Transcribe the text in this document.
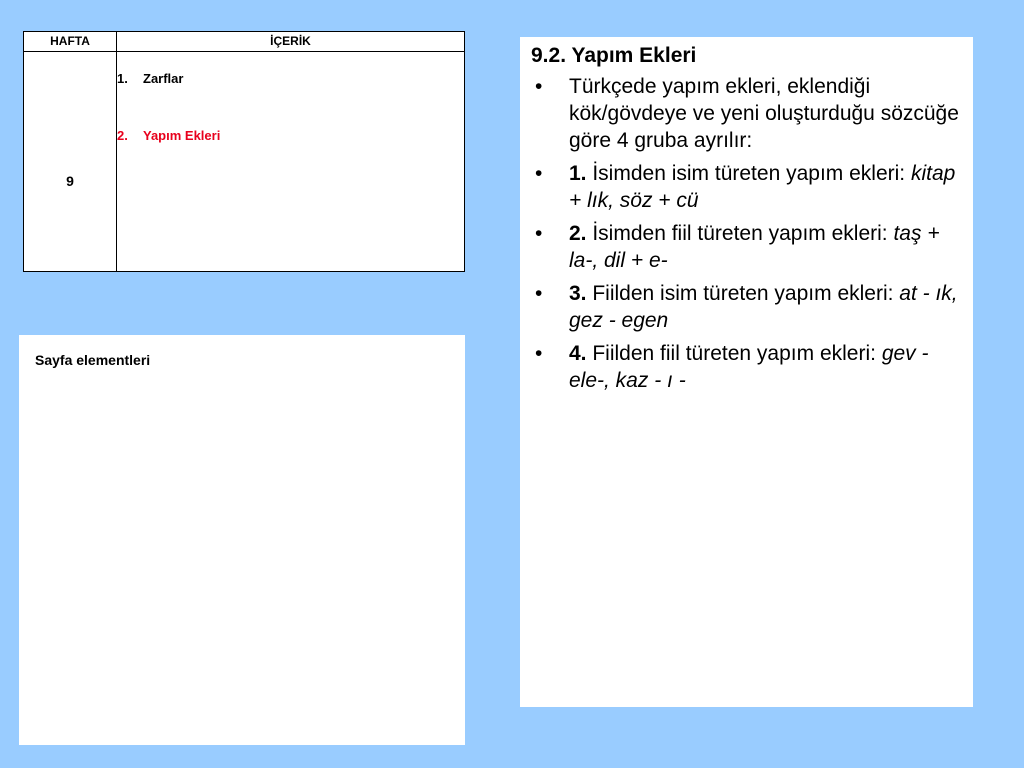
HAFTA	İÇERİK
9
1. Zarflar
2. Yapım Ekleri
Sayfa elementleri
9.2. Yapım Ekleri
• Türkçede yapım ekleri, eklendiği kök/gövdeye ve yeni oluşturduğu sözcüğe göre 4 gruba ayrılır:
• 1. İsimden isim türeten yapım ekleri: kitap + lık, söz + cü
• 2. İsimden fiil türeten yapım ekleri: taş + la-, dil + e-
• 3. Fiilden isim türeten yapım ekleri: at - ık, gez - egen
• 4. Fiilden fiil türeten yapım ekleri: gev - ele-, kaz - ı -
